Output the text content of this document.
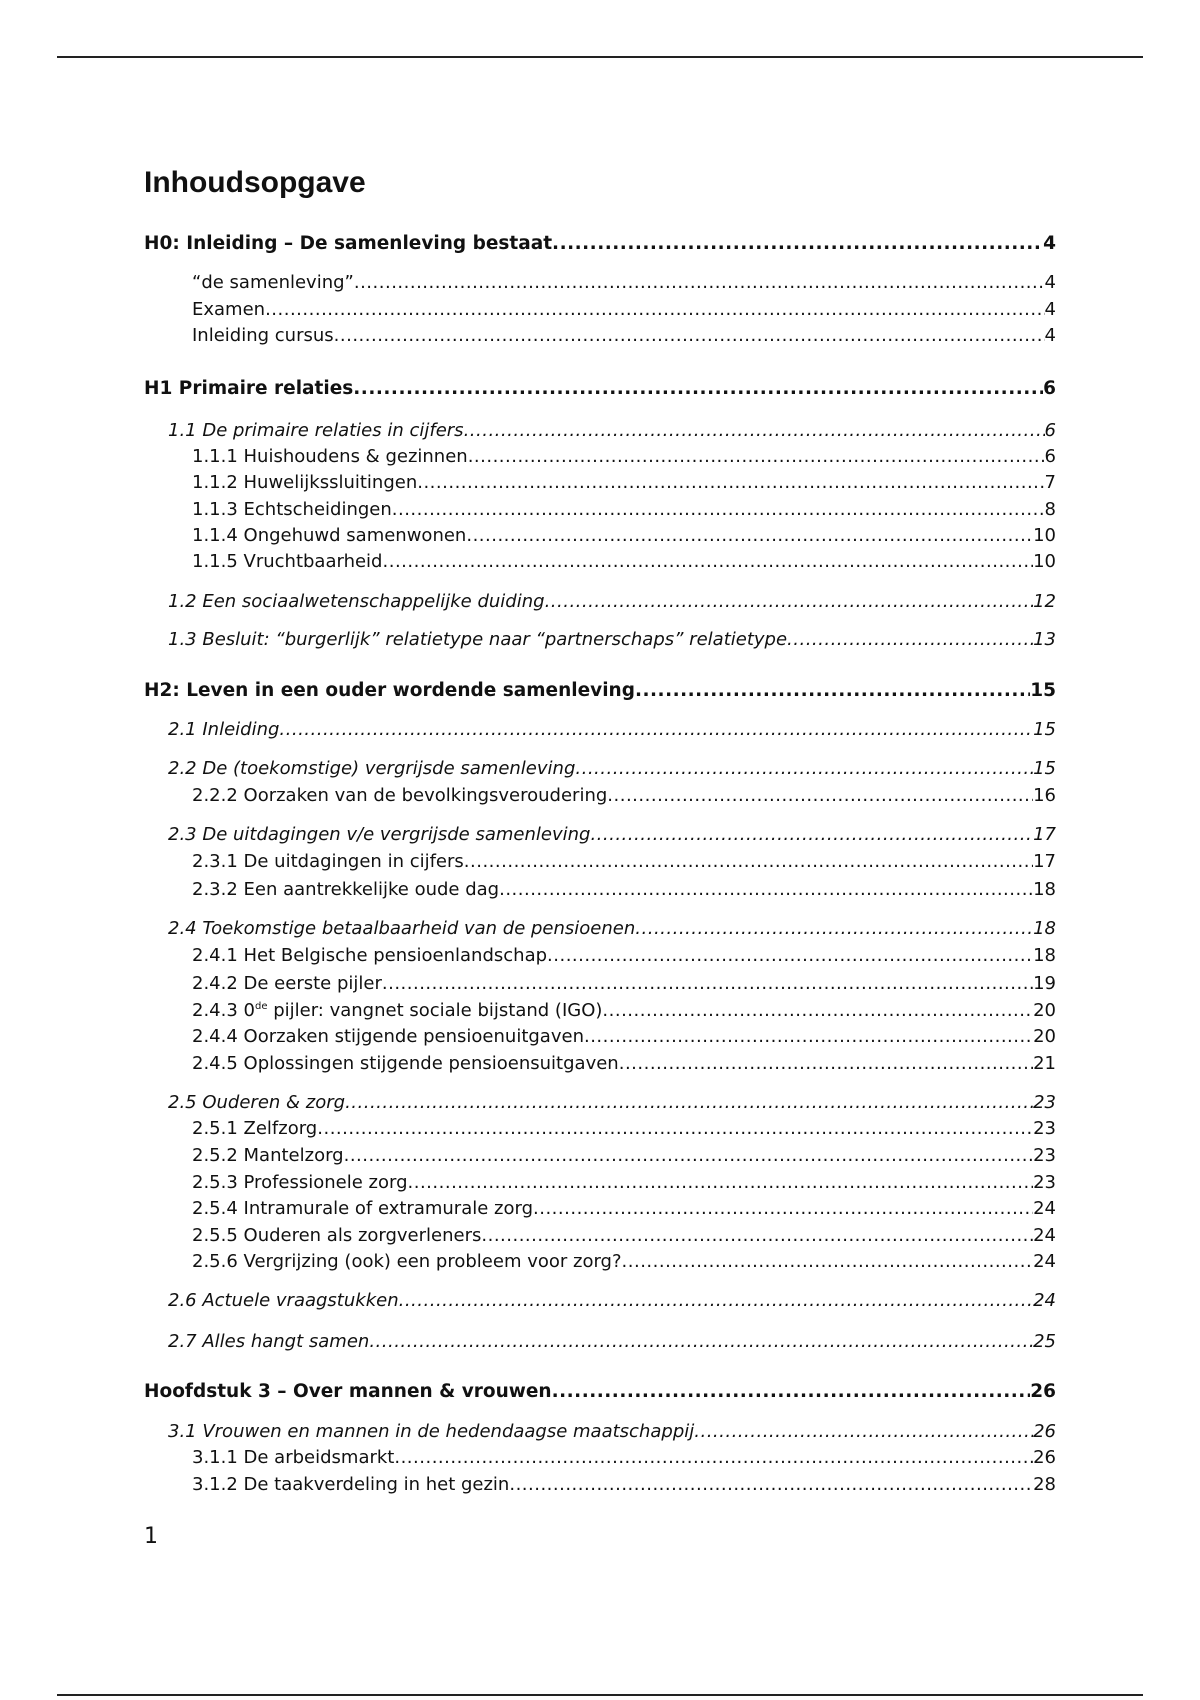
Inhoudsopgave
H0: Inleiding – De samenleving bestaat .....	4
“de samenleving” .....	4
Examen .....	4
Inleiding cursus .....	4
H1 Primaire relaties .....	6
1.1 De primaire relaties in cijfers .....	6
1.1.1 Huishoudens & gezinnen .....	6
1.1.2 Huwelijkssluitingen .....	7
1.1.3 Echtscheidingen .....	8
1.1.4 Ongehuwd samenwonen .....	10
1.1.5 Vruchtbaarheid .....	10
1.2 Een sociaalwetenschappelijke duiding .....	12
1.3 Besluit: “burgerlijk” relatietype naar “partnerschaps” relatietype .....	13
H2: Leven in een ouder wordende samenleving .....	15
2.1 Inleiding .....	15
2.2 De (toekomstige) vergrijsde samenleving .....	15
2.2.2 Oorzaken van de bevolkingsveroudering .....	16
2.3 De uitdagingen v/e vergrijsde samenleving .....	17
2.3.1 De uitdagingen in cijfers .....	17
2.3.2 Een aantrekkelijke oude dag .....	18
2.4 Toekomstige betaalbaarheid van de pensioenen .....	18
2.4.1 Het Belgische pensioenlandschap .....	18
2.4.2 De eerste pijler .....	19
2.4.3 0de pijler: vangnet sociale bijstand (IGO) .....	20
2.4.4 Oorzaken stijgende pensioenuitgaven .....	20
2.4.5 Oplossingen stijgende pensioensuitgaven .....	21
2.5 Ouderen & zorg .....	23
2.5.1 Zelfzorg .....	23
2.5.2 Mantelzorg .....	23
2.5.3 Professionele zorg .....	23
2.5.4 Intramurale of extramurale zorg .....	24
2.5.5 Ouderen als zorgverleners .....	24
2.5.6 Vergrijzing (ook) een probleem voor zorg? .....	24
2.6 Actuele vraagstukken .....	24
2.7 Alles hangt samen .....	25
Hoofdstuk 3 – Over mannen & vrouwen .....	26
3.1 Vrouwen en mannen in de hedendaagse maatschappij .....	26
3.1.1 De arbeidsmarkt .....	26
3.1.2 De taakverdeling in het gezin .....	28
1
